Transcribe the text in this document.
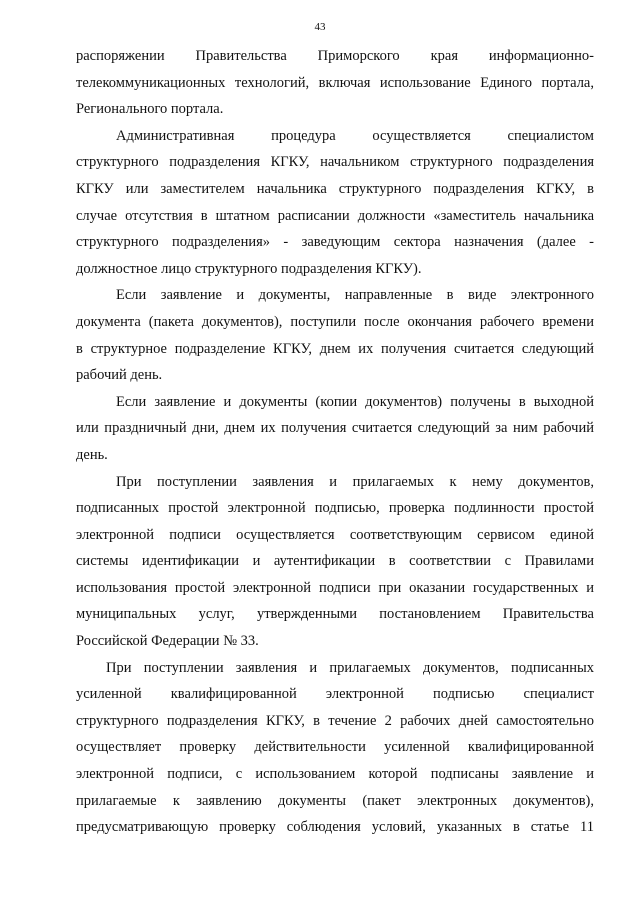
43

распоряжении Правительства Приморского края информационно-
телекоммуникационных технологий, включая использование Единого портала,
Регионального портала.

Административная процедура осуществляется специалистом
структурного подразделения КГКУ, начальником структурного подразделения
КГКУ или заместителем начальника структурного подразделения КГКУ, в
случае отсутствия в штатном расписании должности «заместитель начальника
структурного подразделения» - заведующим сектора назначения (далее -
должностное лицо структурного подразделения КГКУ).

Если заявление и документы, направленные в виде электронного
документа (пакета документов), поступили после окончания рабочего времени
в структурное подразделение КГКУ, днем их получения считается следующий
рабочий день.

Если заявление и документы (копии документов) получены в выходной
или праздничный дни, днем их получения считается следующий за ним рабочий
день.

При поступлении заявления и прилагаемых к нему документов,
подписанных простой электронной подписью, проверка подлинности простой
электронной подписи осуществляется соответствующим сервисом единой
системы идентификации и аутентификации в соответствии с Правилами
использования простой электронной подписи при оказании государственных и
муниципальных услуг, утвержденными постановлением Правительства
Российской Федерации № 33.

При поступлении заявления и прилагаемых документов, подписанных
усиленной квалифицированной электронной подписью специалист
структурного подразделения КГКУ, в течение 2 рабочих дней самостоятельно
осуществляет проверку действительности усиленной квалифицированной
электронной подписи, с использованием которой подписаны заявление и
прилагаемые к заявлению документы (пакет электронных документов),
предусматривающую проверку соблюдения условий, указанных в статье 11
